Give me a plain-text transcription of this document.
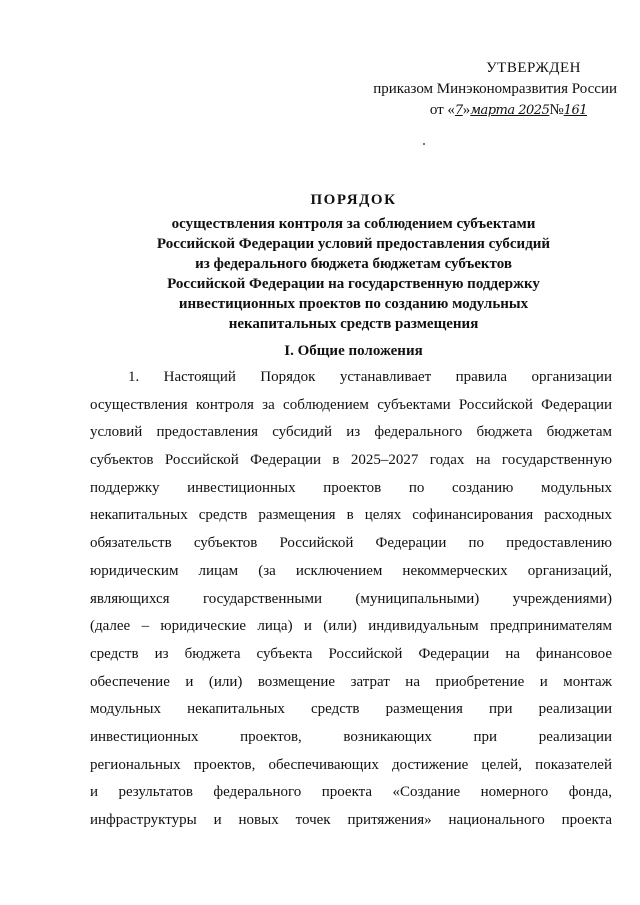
УТВЕРЖДЕН
приказом Минэкономразвития России
от «7»марта 2025№161
ПОРЯДОК
осуществления контроля за соблюдением субъектами
Российской Федерации условий предоставления субсидий
из федерального бюджета бюджетам субъектов
Российской Федерации на государственную поддержку
инвестиционных проектов по созданию модульных
некапитальных средств размещения
I. Общие положения
1. Настоящий Порядок устанавливает правила организации
осуществления контроля за соблюдением субъектами Российской Федерации
условий предоставления субсидий из федерального бюджета бюджетам
субъектов Российской Федерации в 2025–2027 годах на государственную
поддержку инвестиционных проектов по созданию модульных
некапитальных средств размещения в целях софинансирования расходных
обязательств субъектов Российской Федерации по предоставлению
юридическим лицам (за исключением некоммерческих организаций,
являющихся государственными (муниципальными) учреждениями)
(далее – юридические лица) и (или) индивидуальным предпринимателям
средств из бюджета субъекта Российской Федерации на финансовое
обеспечение и (или) возмещение затрат на приобретение и монтаж
модульных некапитальных средств размещения при реализации
инвестиционных проектов, возникающих при реализации
региональных проектов, обеспечивающих достижение целей, показателей
и результатов федерального проекта «Создание номерного фонда,
инфраструктуры и новых точек притяжения» национального проекта
